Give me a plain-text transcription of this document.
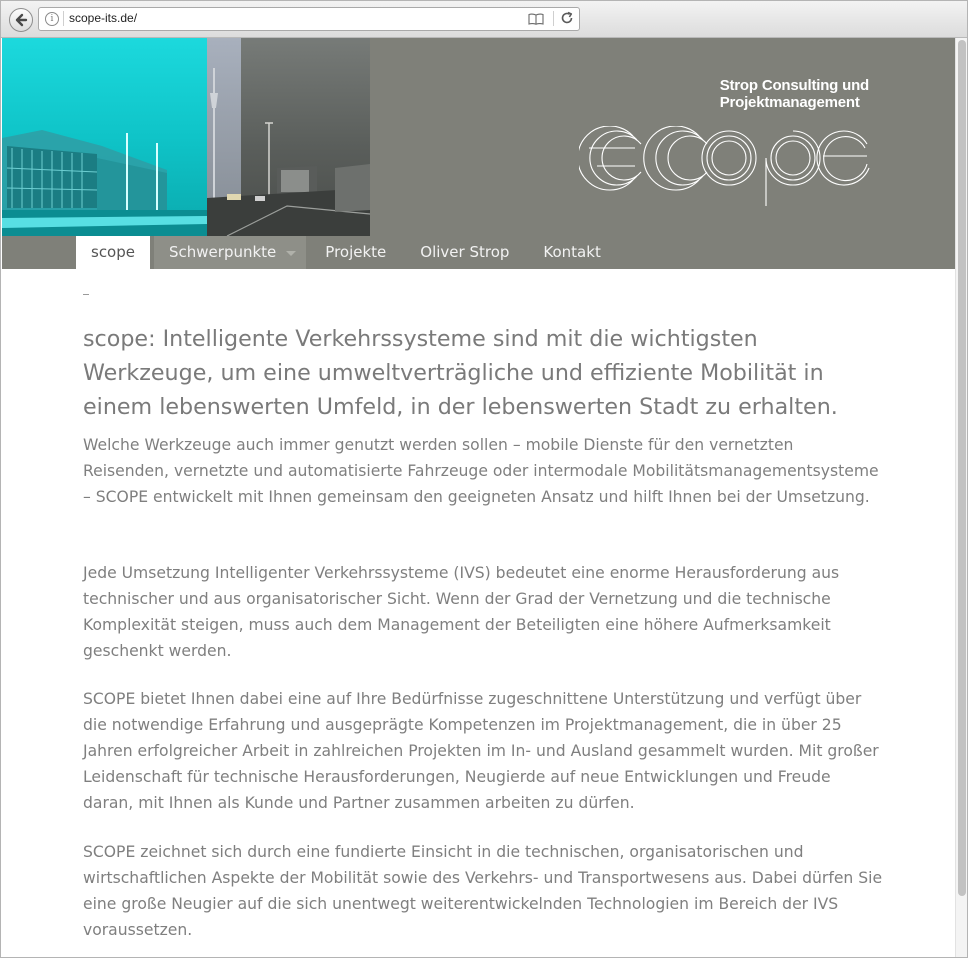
i	scope-its.de/
Strop Consulting und
Projektmanagement
scope	Schwerpunkte	Projekte	Oliver Strop	Kontakt
scope: Intelligente Verkehrssysteme sind mit die wichtigsten Werkzeuge, um eine umweltverträgliche und effiziente Mobilität in einem lebenswerten Umfeld, in der lebenswerten Stadt zu erhalten.

Welche Werkzeuge auch immer genutzt werden sollen – mobile Dienste für den vernetzten Reisenden, vernetzte und automatisierte Fahrzeuge oder intermodale Mobilitätsmanagementsysteme – SCOPE entwickelt mit Ihnen gemeinsam den geeigneten Ansatz und hilft Ihnen bei der Umsetzung.

Jede Umsetzung Intelligenter Verkehrssysteme (IVS) bedeutet eine enorme Herausforderung aus technischer und aus organisatorischer Sicht. Wenn der Grad der Vernetzung und die technische Komplexität steigen, muss auch dem Management der Beteiligten eine höhere Aufmerksamkeit geschenkt werden.

SCOPE bietet Ihnen dabei eine auf Ihre Bedürfnisse zugeschnittene Unterstützung und verfügt über die notwendige Erfahrung und ausgeprägte Kompetenzen im Projektmanagement, die in über 25 Jahren erfolgreicher Arbeit in zahlreichen Projekten im In- und Ausland gesammelt wurden. Mit großer Leidenschaft für technische Herausforderungen, Neugierde auf neue Entwicklungen und Freude daran, mit Ihnen als Kunde und Partner zusammen arbeiten zu dürfen.

SCOPE zeichnet sich durch eine fundierte Einsicht in die technischen, organisatorischen und wirtschaftlichen Aspekte der Mobilität sowie des Verkehrs- und Transportwesens aus. Dabei dürfen Sie eine große Neugier auf die sich unentwegt weiterentwickelnden Technologien im Bereich der IVS voraussetzen.
